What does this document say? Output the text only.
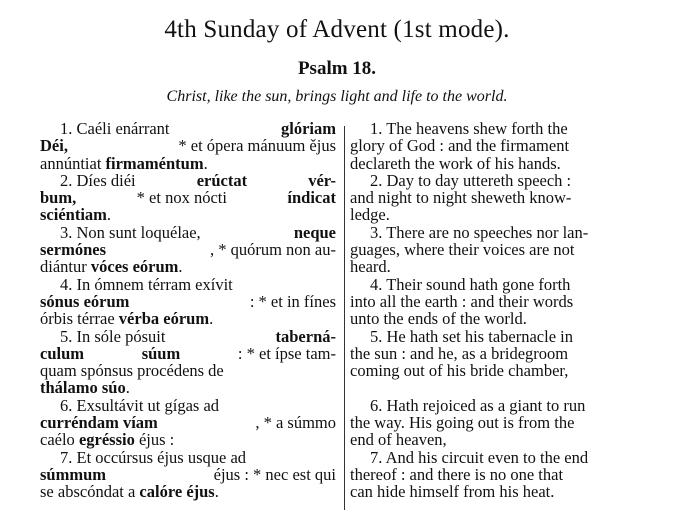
4th Sunday of Advent (1st mode).
Psalm 18.
Christ, like the sun, brings light and life to the world.
1. Caéli enárrant	glóriam
Déi,	* et ópera mánuum ějus
annúntiat firmaméntum.
2. Díes diéi	erúctat	vér-
bum,	* et nox nócti	índicat
sciéntiam.
3. Non sunt loquélae,	neque
sermónes	, * quórum non au-
diántur vóces eórum.
4. In ómnem térram exívit
sónus eórum	: * et in fínes
órbis térrae vérba eórum.
5. In sóle pósuit	taberná-
culum	súum	: * et ípse tam-
quam spónsus procédens de
thálamo súo.
6. Exsultávit ut gígas ad
curréndam víam	, * a súmmo
caélo egréssio éjus :
7. Et occúrsus éjus usque ad
súmmum	éjus : * nec est qui
se abscóndat a calóre éjus.
1. The heavens shew forth the
glory of God : and the firmament
declareth the work of his hands.
2. Day to day uttereth speech :
and night to night sheweth know-
ledge.
3. There are no speeches nor lan-
guages, where their voices are not
heard.
4. Their sound hath gone forth
into all the earth : and their words
unto the ends of the world.
5. He hath set his tabernacle in
the sun : and he, as a bridegroom
coming out of his bride chamber,
6. Hath rejoiced as a giant to run
the way. His going out is from the
end of heaven,
7. And his circuit even to the end
thereof : and there is no one that
can hide himself from his heat.
